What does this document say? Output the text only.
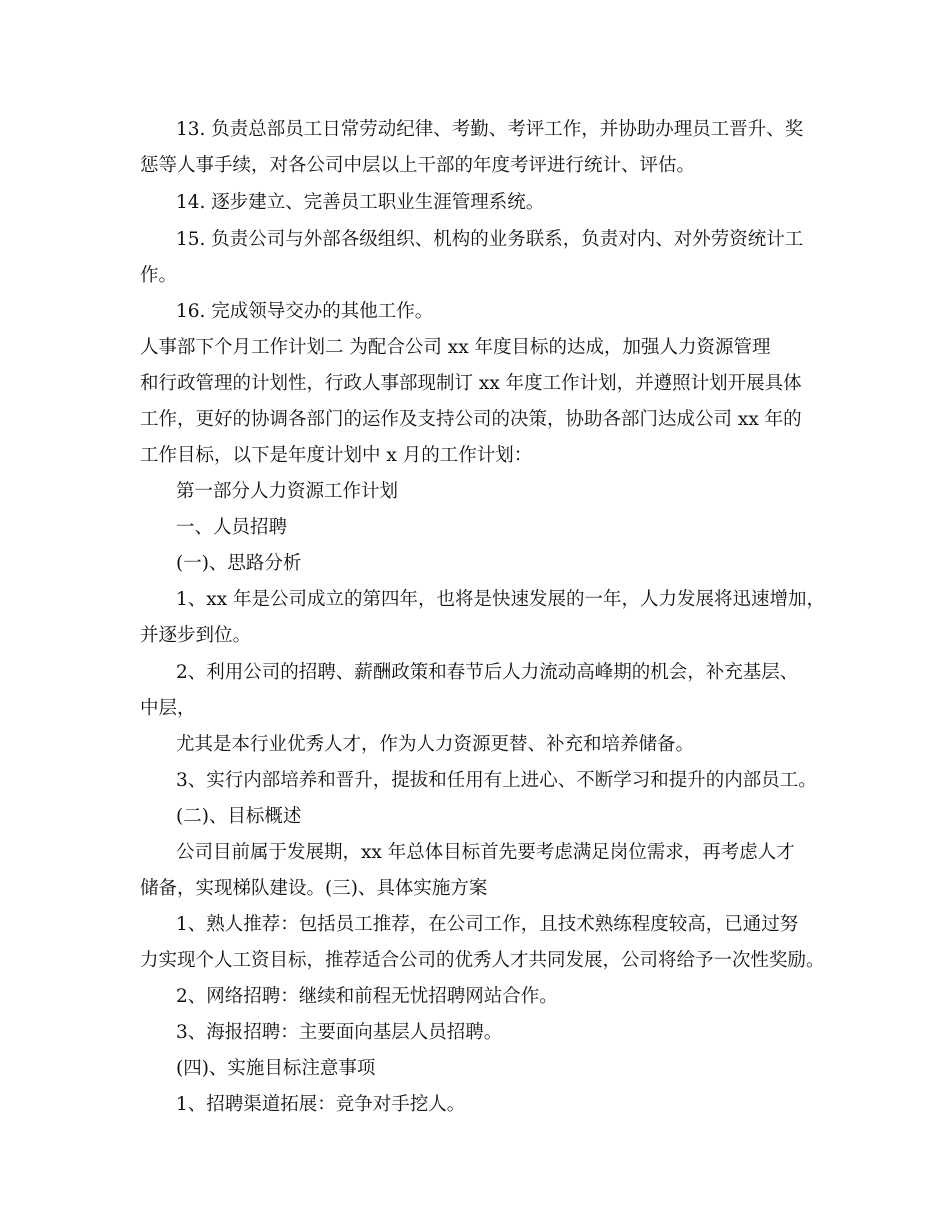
13. 负责总部员工日常劳动纪律、考勤、考评工作，并协助办理员工晋升、奖
惩等人事手续，对各公司中层以上干部的年度考评进行统计、评估。
14. 逐步建立、完善员工职业生涯管理系统。
15. 负责公司与外部各级组织、机构的业务联系，负责对内、对外劳资统计工
作。
16. 完成领导交办的其他工作。
人事部下个月工作计划二 为配合公司 xx 年度目标的达成，加强人力资源管理
和行政管理的计划性，行政人事部现制订 xx 年度工作计划，并遵照计划开展具体
工作，更好的协调各部门的运作及支持公司的决策，协助各部门达成公司 xx 年的
工作目标，以下是年度计划中 x 月的工作计划：
第一部分人力资源工作计划
一、人员招聘
(一)、思路分析
1、xx 年是公司成立的第四年，也将是快速发展的一年，人力发展将迅速增加，
并逐步到位。
2、利用公司的招聘、薪酬政策和春节后人力流动高峰期的机会，补充基层、
中层，
尤其是本行业优秀人才，作为人力资源更替、补充和培养储备。
3、实行内部培养和晋升，提拔和任用有上进心、不断学习和提升的内部员工。
(二)、目标概述
公司目前属于发展期，xx 年总体目标首先要考虑满足岗位需求，再考虑人才
储备，实现梯队建设。(三)、具体实施方案
1、熟人推荐：包括员工推荐，在公司工作，且技术熟练程度较高，已通过努
力实现个人工资目标，推荐适合公司的优秀人才共同发展，公司将给予一次性奖励。
2、网络招聘：继续和前程无忧招聘网站合作。
3、海报招聘：主要面向基层人员招聘。
(四)、实施目标注意事项
1、招聘渠道拓展：竞争对手挖人。
